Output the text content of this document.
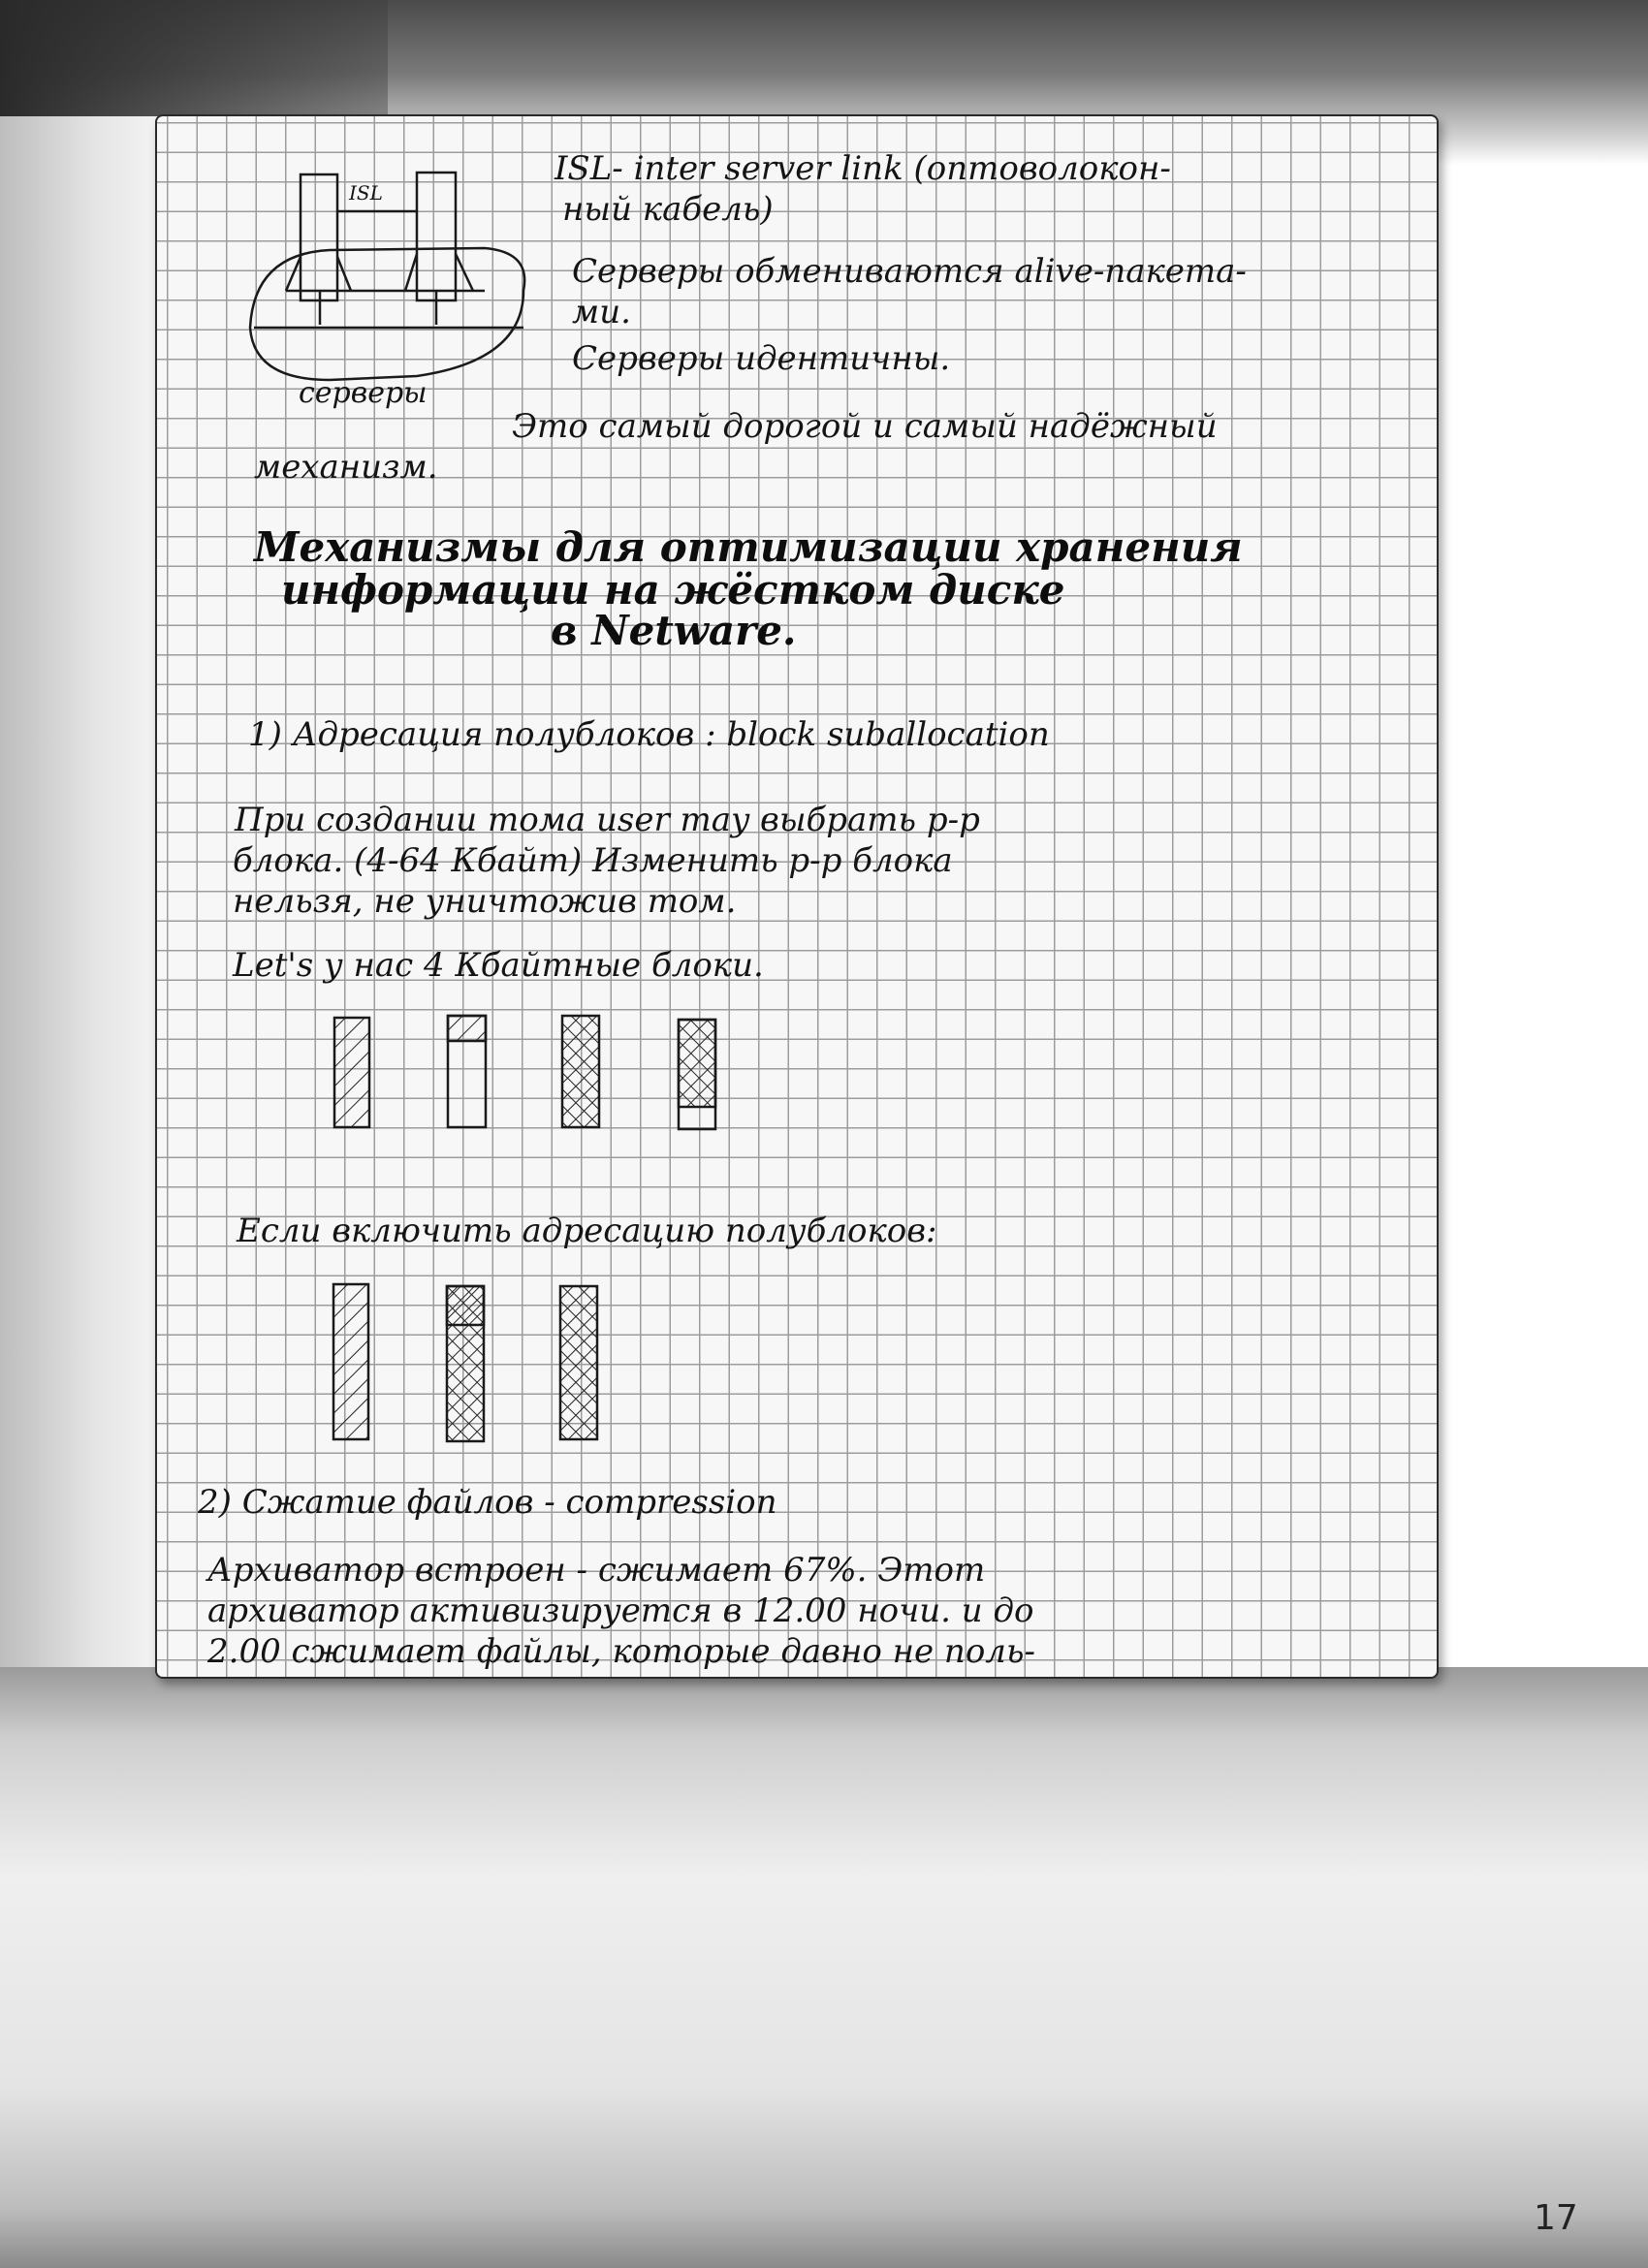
ISL
серверы
ISL- inter server link (оптоволокон-
ный кабель)
Серверы обмениваются alive-пакета-
ми.
Серверы идентичны.
Это самый дорогой и самый надёжный
механизм.
Механизмы для оптимизации хранения
информации на жёстком диске
в Netware.
1) Адресация полублоков : block suballocation
При создании тома user may выбрать р-р
блока. (4-64 Кбайт) Изменить р-р блока
нельзя, не уничтожив том.
Let's у нас 4 Кбайтные блоки.
Если включить адресацию полублоков:
2) Сжатие файлов - compression
Архиватор встроен - сжимает 67%. Этот
архиватор активизируется в 12.00 ночи. и до
2.00 сжимает файлы, которые давно не поль-
17
